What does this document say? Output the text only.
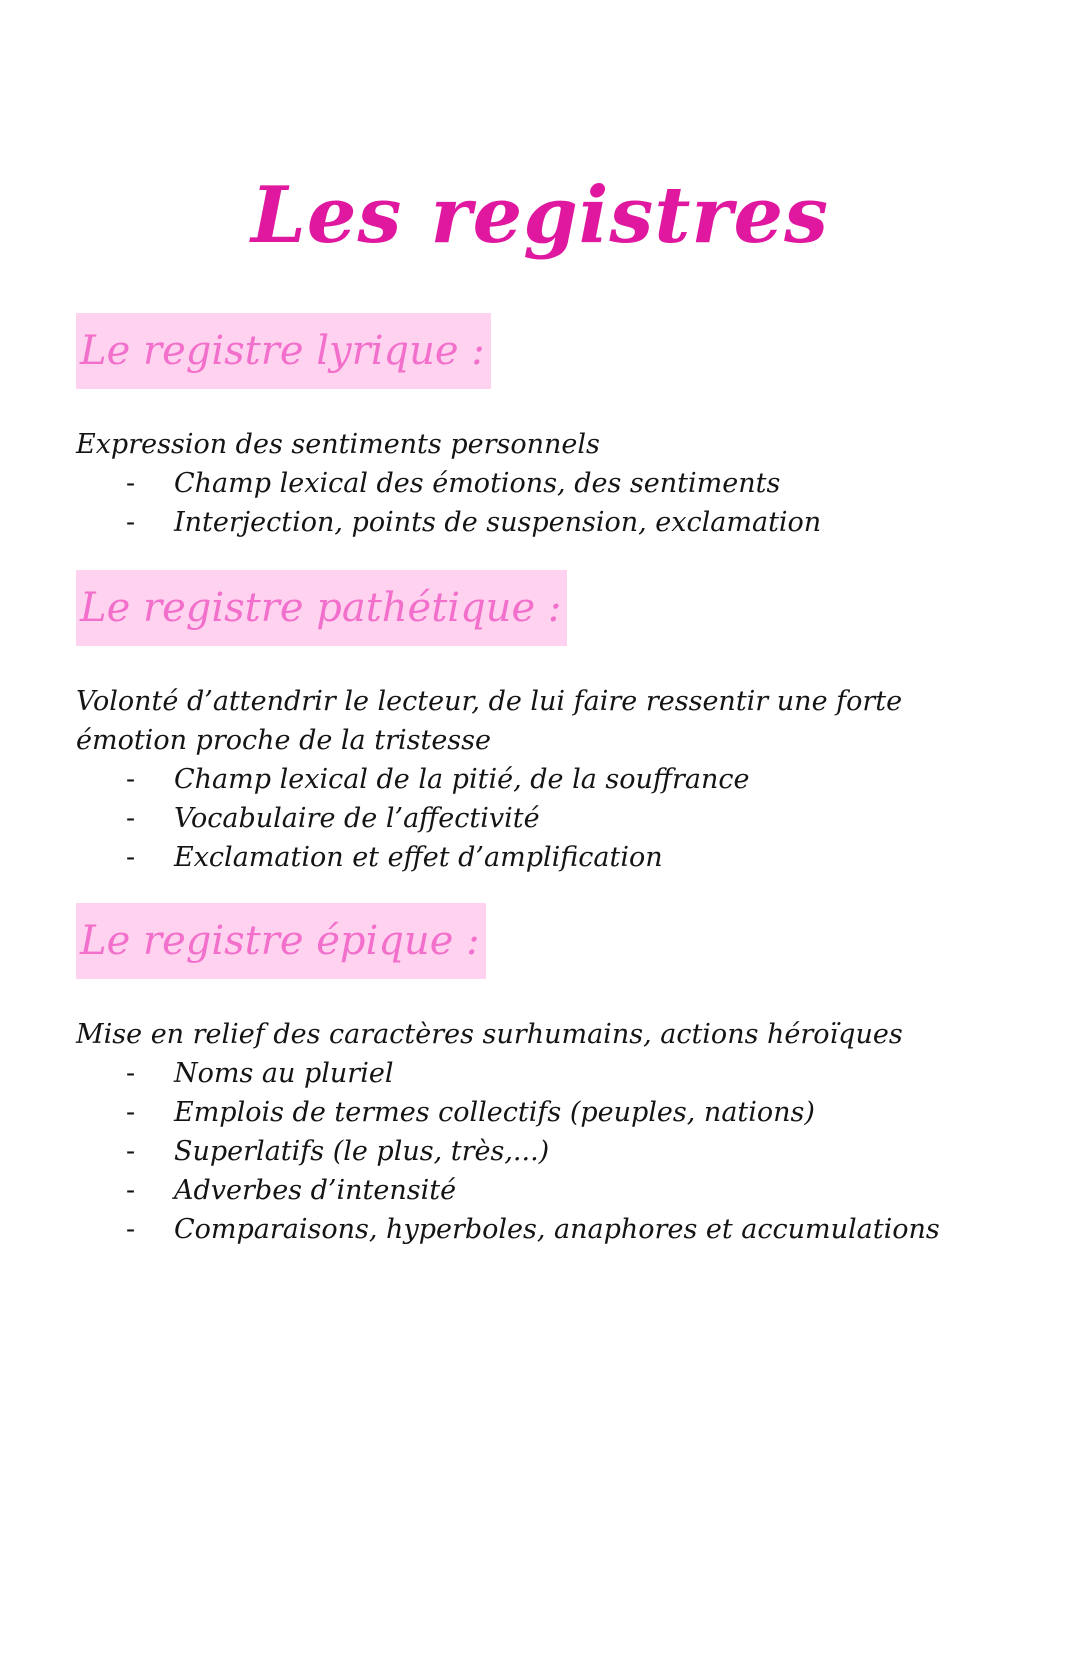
Les registres
Le registre lyrique :
Expression des sentiments personnels
- Champ lexical des émotions, des sentiments
- Interjection, points de suspension, exclamation
Le registre pathétique :
Volonté d’attendrir le lecteur, de lui faire ressentir une forte émotion proche de la tristesse
- Champ lexical de la pitié, de la souffrance
- Vocabulaire de l’affectivité
- Exclamation et effet d’amplification
Le registre épique :
Mise en relief des caractères surhumains, actions héroïques
- Noms au pluriel
- Emplois de termes collectifs (peuples, nations)
- Superlatifs (le plus, très,...)
- Adverbes d’intensité
- Comparaisons, hyperboles, anaphores et accumulations
